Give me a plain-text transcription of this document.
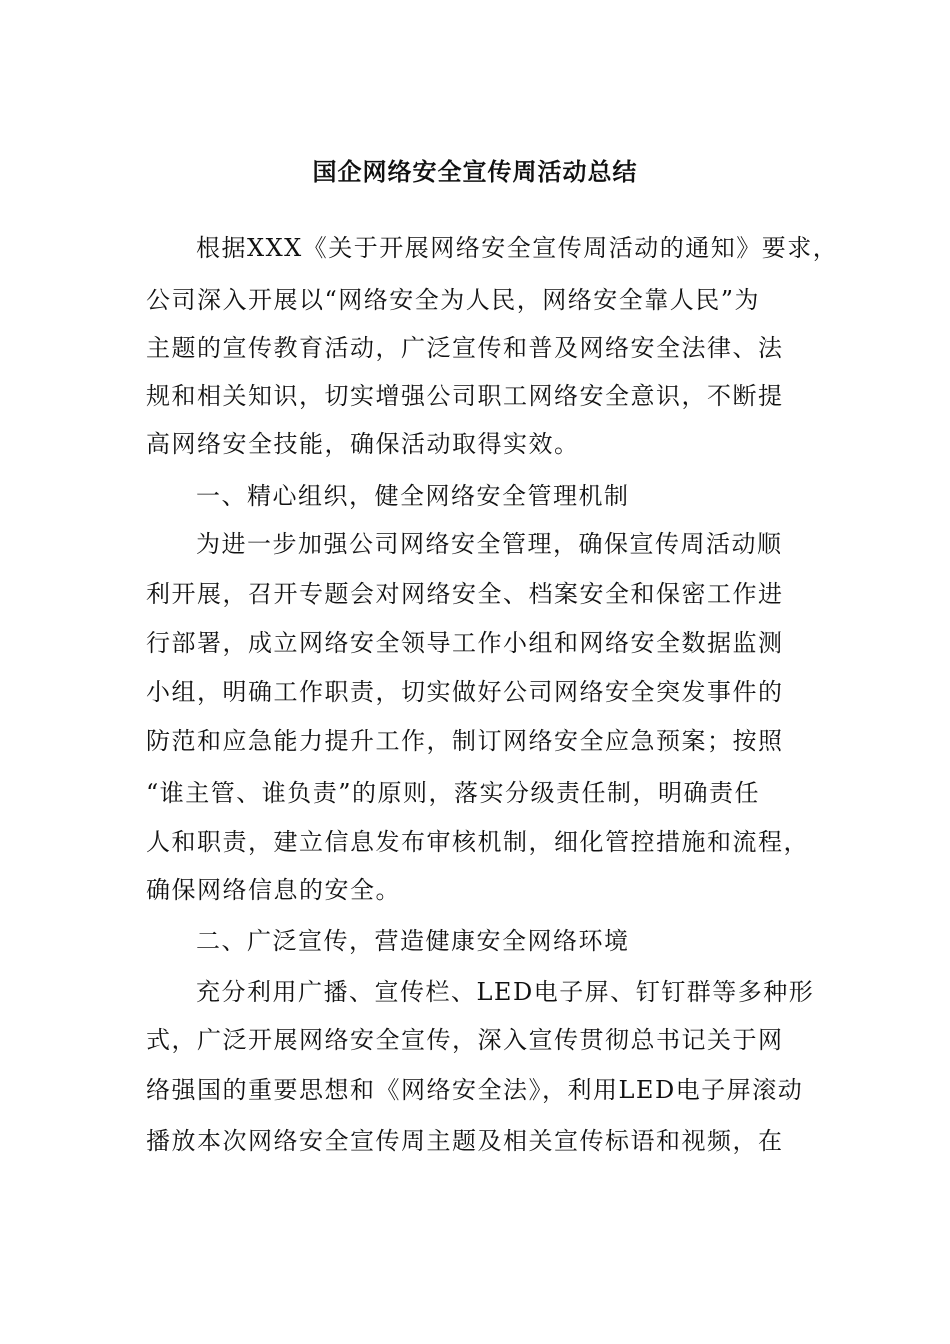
国企网络安全宣传周活动总结

根据XXX《关于开展网络安全宣传周活动的通知》要求，

公司深入开展以“网络安全为人民，网络安全靠人民”为

主题的宣传教育活动，广泛宣传和普及网络安全法律、法

规和相关知识，切实增强公司职工网络安全意识，不断提

高网络安全技能，确保活动取得实效。

一、精心组织，健全网络安全管理机制

为进一步加强公司网络安全管理，确保宣传周活动顺

利开展，召开专题会对网络安全、档案安全和保密工作进

行部署，成立网络安全领导工作小组和网络安全数据监测

小组，明确工作职责，切实做好公司网络安全突发事件的

防范和应急能力提升工作，制订网络安全应急预案；按照

“谁主管、谁负责”的原则，落实分级责任制，明确责任

人和职责，建立信息发布审核机制，细化管控措施和流程，

确保网络信息的安全。

二、广泛宣传，营造健康安全网络环境

充分利用广播、宣传栏、LED电子屏、钉钉群等多种形

式，广泛开展网络安全宣传，深入宣传贯彻总书记关于网

络强国的重要思想和《网络安全法》，利用LED电子屏滚动

播放本次网络安全宣传周主题及相关宣传标语和视频，在
